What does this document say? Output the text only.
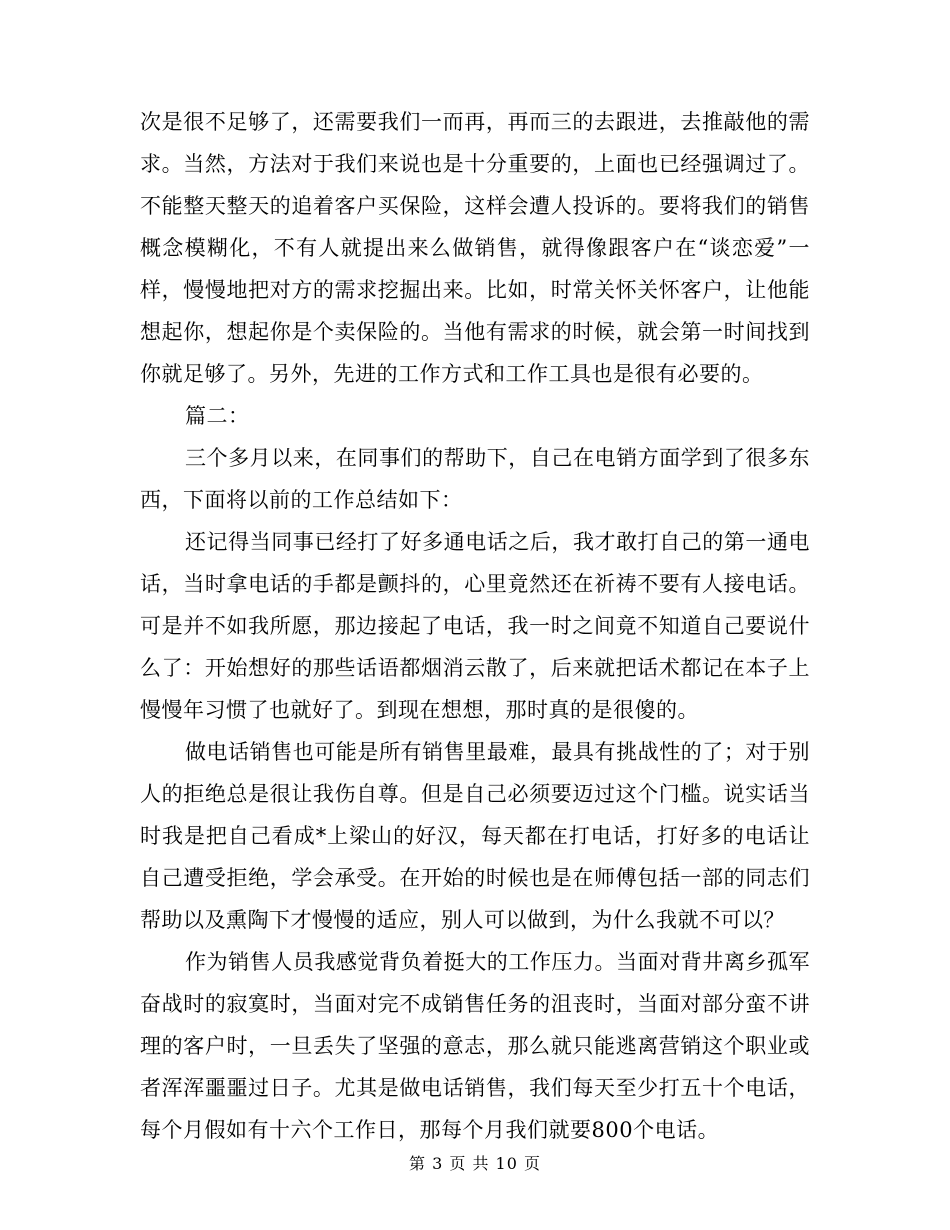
次是很不足够了，还需要我们一而再，再而三的去跟进，去推敲他的需求。当然，方法对于我们来说也是十分重要的，上面也已经强调过了。不能整天整天的追着客户买保险，这样会遭人投诉的。要将我们的销售概念模糊化，不有人就提出来么做销售，就得像跟客户在“谈恋爱”一样，慢慢地把对方的需求挖掘出来。比如，时常关怀关怀客户，让他能想起你，想起你是个卖保险的。当他有需求的时候，就会第一时间找到你就足够了。另外，先进的工作方式和工作工具也是很有必要的。

篇二：

三个多月以来，在同事们的帮助下，自己在电销方面学到了很多东西，下面将以前的工作总结如下：

还记得当同事已经打了好多通电话之后，我才敢打自己的第一通电话，当时拿电话的手都是颤抖的，心里竟然还在祈祷不要有人接电话。可是并不如我所愿，那边接起了电话，我一时之间竟不知道自己要说什么了：开始想好的那些话语都烟消云散了，后来就把话术都记在本子上慢慢年习惯了也就好了。到现在想想，那时真的是很傻的。

做电话销售也可能是所有销售里最难，最具有挑战性的了；对于别人的拒绝总是很让我伤自尊。但是自己必须要迈过这个门槛。说实话当时我是把自己看成*上梁山的好汉，每天都在打电话，打好多的电话让自己遭受拒绝，学会承受。在开始的时候也是在师傅包括一部的同志们帮助以及熏陶下才慢慢的适应，别人可以做到，为什么我就不可以？

作为销售人员我感觉背负着挺大的工作压力。当面对背井离乡孤军奋战时的寂寞时，当面对完不成销售任务的沮丧时，当面对部分蛮不讲理的客户时，一旦丢失了坚强的意志，那么就只能逃离营销这个职业或者浑浑噩噩过日子。尤其是做电话销售，我们每天至少打五十个电话，每个月假如有十六个工作日，那每个月我们就要800个电话。

第 3 页 共 10 页
